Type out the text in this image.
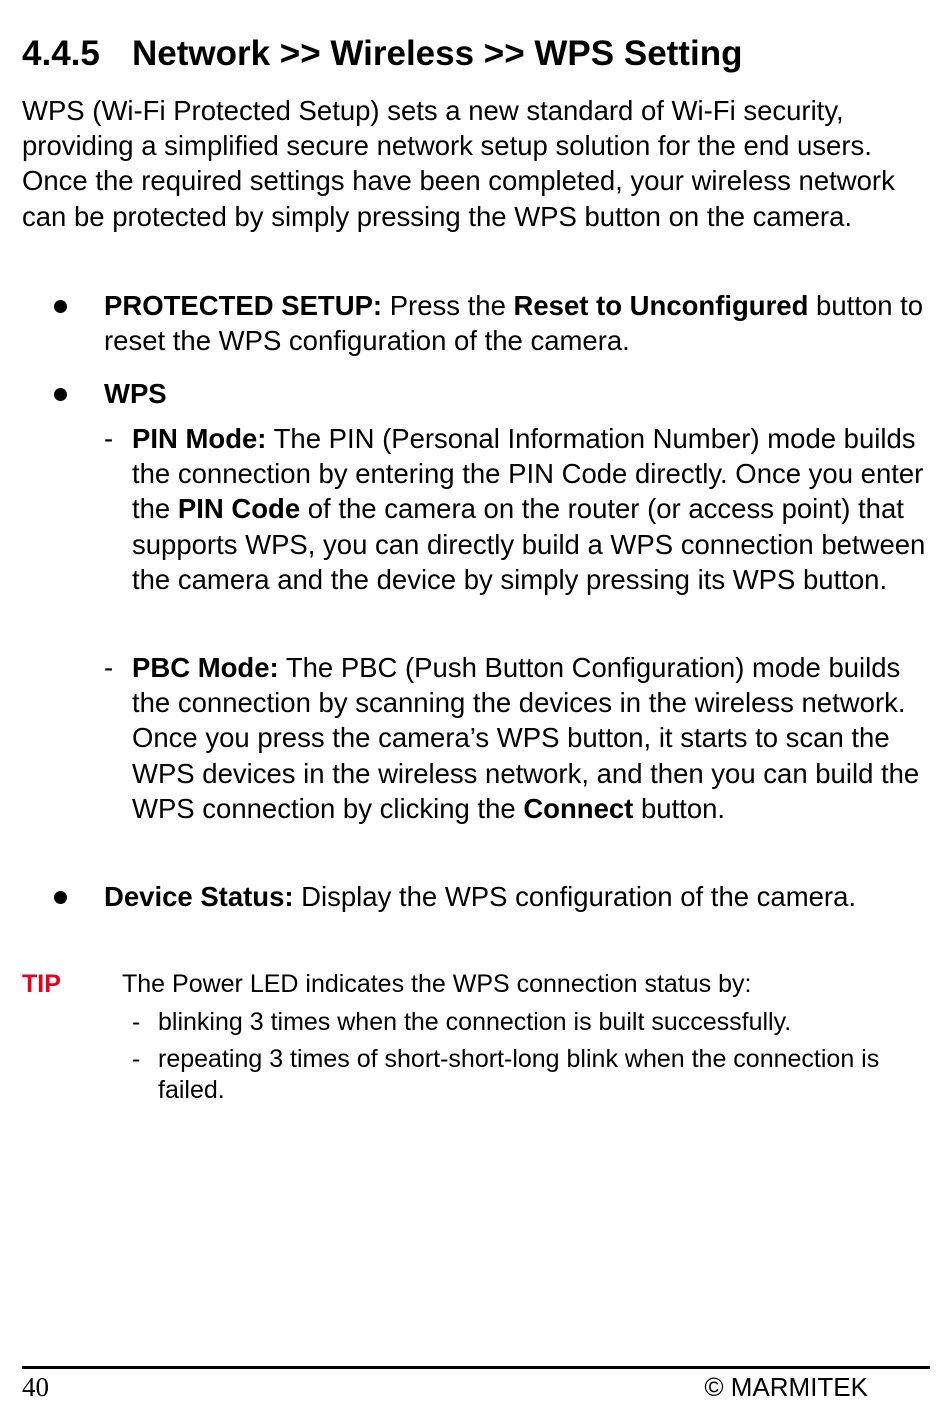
4.4.5 Network >> Wireless >> WPS Setting

WPS (Wi-Fi Protected Setup) sets a new standard of Wi-Fi security, providing a simplified secure network setup solution for the end users. Once the required settings have been completed, your wireless network can be protected by simply pressing the WPS button on the camera.

PROTECTED SETUP: Press the Reset to Unconfigured button to reset the WPS configuration of the camera.

WPS

- PIN Mode: The PIN (Personal Information Number) mode builds the connection by entering the PIN Code directly. Once you enter the PIN Code of the camera on the router (or access point) that supports WPS, you can directly build a WPS connection between the camera and the device by simply pressing its WPS button.

- PBC Mode: The PBC (Push Button Configuration) mode builds the connection by scanning the devices in the wireless network. Once you press the camera’s WPS button, it starts to scan the WPS devices in the wireless network, and then you can build the WPS connection by clicking the Connect button.

Device Status: Display the WPS configuration of the camera.

TIP The Power LED indicates the WPS connection status by:

- blinking 3 times when the connection is built successfully.

- repeating 3 times of short-short-long blink when the connection is failed.

40	© MARMITEK
